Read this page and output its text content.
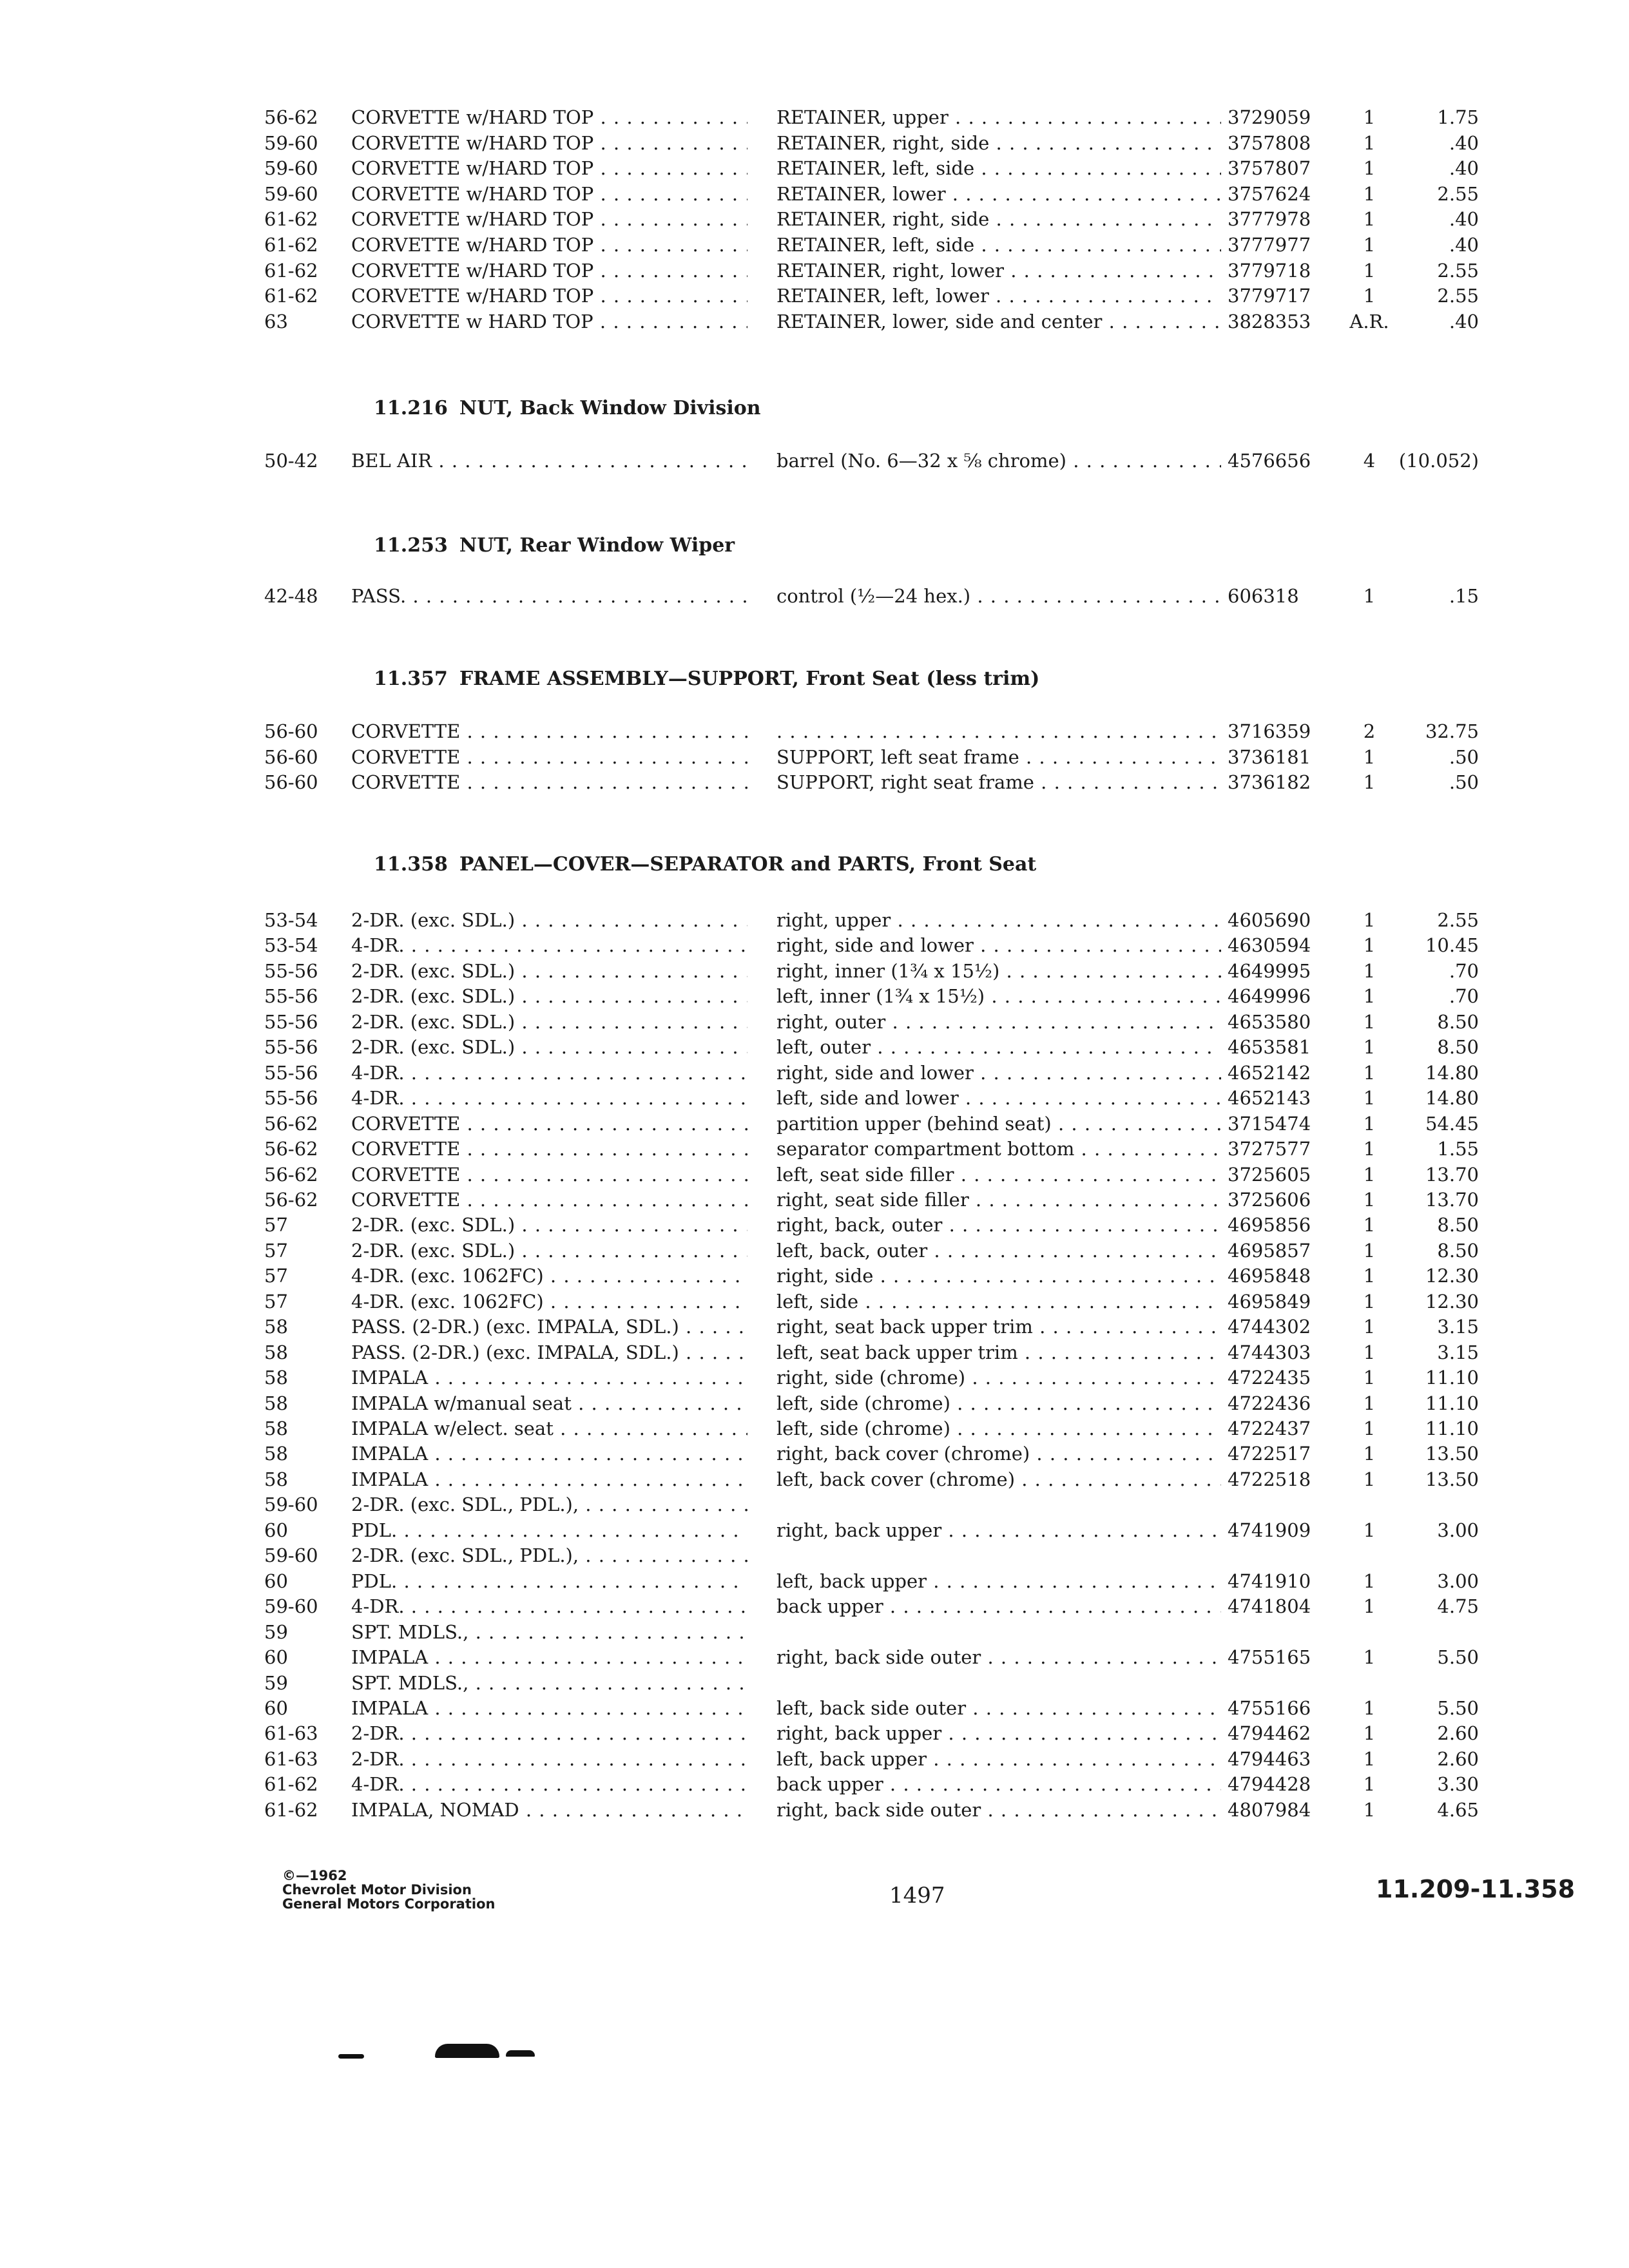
56-62	CORVETTE w/HARD TOP . . .	RETAINER, upper . . .	3729059	1	1.75
59-60	CORVETTE w/HARD TOP . . .	RETAINER, right, side . . .	3757808	1	.40
59-60	CORVETTE w/HARD TOP . . .	RETAINER, left, side . . .	3757807	1	.40
59-60	CORVETTE w/HARD TOP . . .	RETAINER, lower . . .	3757624	1	2.55
61-62	CORVETTE w/HARD TOP . . .	RETAINER, right, side . . .	3777978	1	.40
61-62	CORVETTE w/HARD TOP . . .	RETAINER, left, side . . .	3777977	1	.40
61-62	CORVETTE w/HARD TOP . . .	RETAINER, right, lower . . .	3779718	1	2.55
61-62	CORVETTE w/HARD TOP . . .	RETAINER, left, lower . . .	3779717	1	2.55
63	CORVETTE w HARD TOP . . .	RETAINER, lower, side and center . . .	3828353	A.R.	.40
11.216 NUT, Back Window Division
50-42	BEL AIR . . .	barrel (No. 6—32 x ⅝ chrome) . . .	4576656	4	(10.052)
11.253 NUT, Rear Window Wiper
42-48	PASS. . . .	control (½—24 hex.) . . .	606318	1	.15
11.357 FRAME ASSEMBLY—SUPPORT, Front Seat (less trim)
56-60	CORVETTE . . .
. . .	3716359	2	32.75
56-60	CORVETTE . . .	SUPPORT, left seat frame . . .	3736181	1	.50
56-60	CORVETTE . . .	SUPPORT, right seat frame . . .	3736182	1	.50
11.358 PANEL—COVER—SEPARATOR and PARTS, Front Seat
53-54	2-DR. (exc. SDL.) . . .	right, upper . . .	4605690	1	2.55
53-54	4-DR. . . .	right, side and lower . . .	4630594	1	10.45
55-56	2-DR. (exc. SDL.) . . .	right, inner (1¾ x 15½) . . .	4649995	1	.70
55-56	2-DR. (exc. SDL.) . . .	left, inner (1¾ x 15½) . . .	4649996	1	.70
55-56	2-DR. (exc. SDL.) . . .	right, outer . . .	4653580	1	8.50
55-56	2-DR. (exc. SDL.) . . .	left, outer . . .	4653581	1	8.50
55-56	4-DR. . . .	right, side and lower . . .	4652142	1	14.80
55-56	4-DR. . . .	left, side and lower . . .	4652143	1	14.80
56-62	CORVETTE . . .	partition upper (behind seat) . . .	3715474	1	54.45
56-62	CORVETTE . . .	separator compartment bottom . . .	3727577	1	1.55
56-62	CORVETTE . . .	left, seat side filler . . .	3725605	1	13.70
56-62	CORVETTE . . .	right, seat side filler . . .	3725606	1	13.70
57	2-DR. (exc. SDL.) . . .	right, back, outer . . .	4695856	1	8.50
57	2-DR. (exc. SDL.) . . .	left, back, outer . . .	4695857	1	8.50
57	4-DR. (exc. 1062FC) . . .	right, side . . .	4695848	1	12.30
57	4-DR. (exc. 1062FC) . . .	left, side . . .	4695849	1	12.30
58	PASS. (2-DR.) (exc. IMPALA, SDL.) . . .	right, seat back upper trim . . .	4744302	1	3.15
58	PASS. (2-DR.) (exc. IMPALA, SDL.) . . .	left, seat back upper trim . . .	4744303	1	3.15
58	IMPALA . . .	right, side (chrome) . . .	4722435	1	11.10
58	IMPALA w/manual seat . . .	left, side (chrome) . . .	4722436	1	11.10
58	IMPALA w/elect. seat . . .	left, side (chrome) . . .	4722437	1	11.10
58	IMPALA . . .	right, back cover (chrome) . . .	4722517	1	13.50
58	IMPALA . . .	left, back cover (chrome) . . .	4722518	1	13.50
59-60	2-DR. (exc. SDL., PDL.), . . .
60	PDL. . . .	right, back upper . . .	4741909	1	3.00
59-60	2-DR. (exc. SDL., PDL.), . . .
60	PDL. . . .	left, back upper . . .	4741910	1	3.00
59-60	4-DR. . . .	back upper . . .	4741804	1	4.75
59	SPT. MDLS., . . .
60	IMPALA . . .	right, back side outer . . .	4755165	1	5.50
59	SPT. MDLS., . . .
60	IMPALA . . .	left, back side outer . . .	4755166	1	5.50
61-63	2-DR. . . .	right, back upper . . .	4794462	1	2.60
61-63	2-DR. . . .	left, back upper . . .	4794463	1	2.60
61-62	4-DR. . . .	back upper . . .	4794428	1	3.30
61-62	IMPALA, NOMAD . . .	right, back side outer . . .	4807984	1	4.65
©—1962
Chevrolet Motor Division
General Motors Corporation	1497	11.209-11.358
